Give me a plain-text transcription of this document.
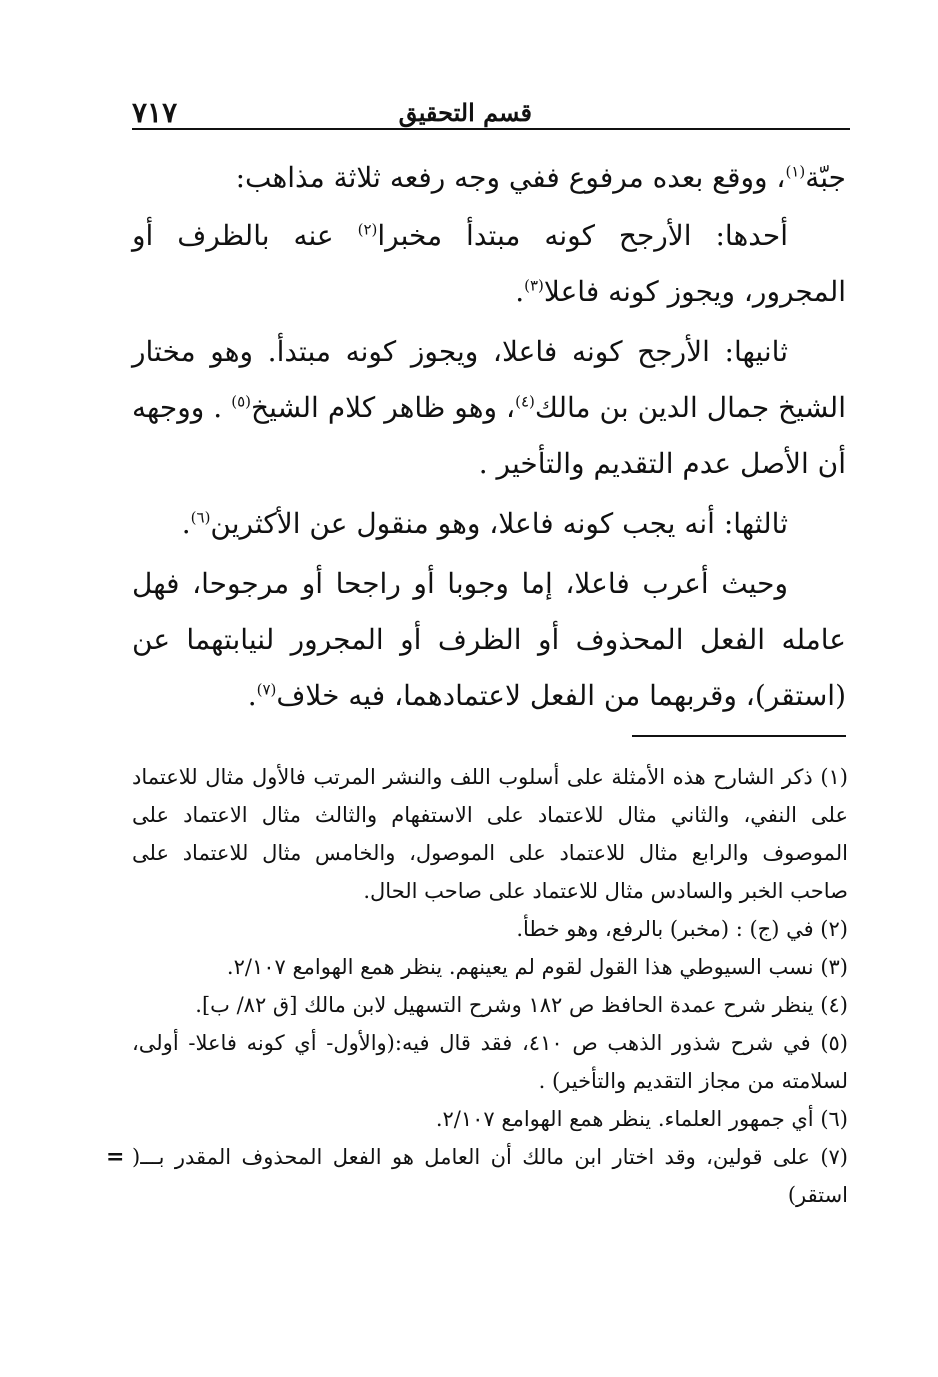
قسم التحقيق
٧١٧

جبّة$^{(١)}$، ووقع بعده مرفوع ففي وجه رفعه ثلاثة مذاهب:

أحدها: الأرجح كونه مبتدأ مخبرا$^{(٢)}$ عنه بالظرف أو المجرور، ويجوز كونه فاعلا$^{(٣)}$.

ثانيها: الأرجح كونه فاعلا، ويجوز كونه مبتدأ. وهو مختار الشيخ جمال الدين بن مالك$^{(٤)}$، وهو ظاهر كلام الشيخ$^{(٥)}$ . ووجهه أن الأصل عدم التقديم والتأخير .

ثالثها: أنه يجب كونه فاعلا، وهو منقول عن الأكثرين$^{(٦)}$.

وحيث أعرب فاعلا، إما وجوبا أو راجحا أو مرجوحا، فهل عامله الفعل المحذوف أو الظرف أو المجرور لنيابتهما عن (استقر)، وقربهما من الفعل لاعتمادهما، فيه خلاف$^{(٧)}$.

(١) ذكر الشارح هذه الأمثلة على أسلوب اللف والنشر المرتب فالأول مثال للاعتماد على النفي، والثاني مثال للاعتماد على الاستفهام والثالث مثال الاعتماد على الموصوف والرابع مثال للاعتماد على الموصول، والخامس مثال للاعتماد على صاحب الخبر والسادس مثال للاعتماد على صاحب الحال.

(٢) في (ج) : (مخبر) بالرفع، وهو خطأ.

(٣) نسب السيوطي هذا القول لقوم لم يعينهم. ينظر همع الهوامع ٢/١٠٧.

(٤) ينظر شرح عمدة الحافظ ص ١٨٢ وشرح التسهيل لابن مالك [ق ٨٢/ ب].

(٥) في شرح شذور الذهب ص ٤١٠، فقد قال فيه:(والأول- أي كونه فاعلا- أولى، لسلامته من مجاز التقديم والتأخير) .

(٦) أي جمهور العلماء. ينظر همع الهوامع ٢/١٠٧.

(٧) على قولين، وقد اختار ابن مالك أن العامل هو الفعل المحذوف المقدر بـــ( استقر)
=
